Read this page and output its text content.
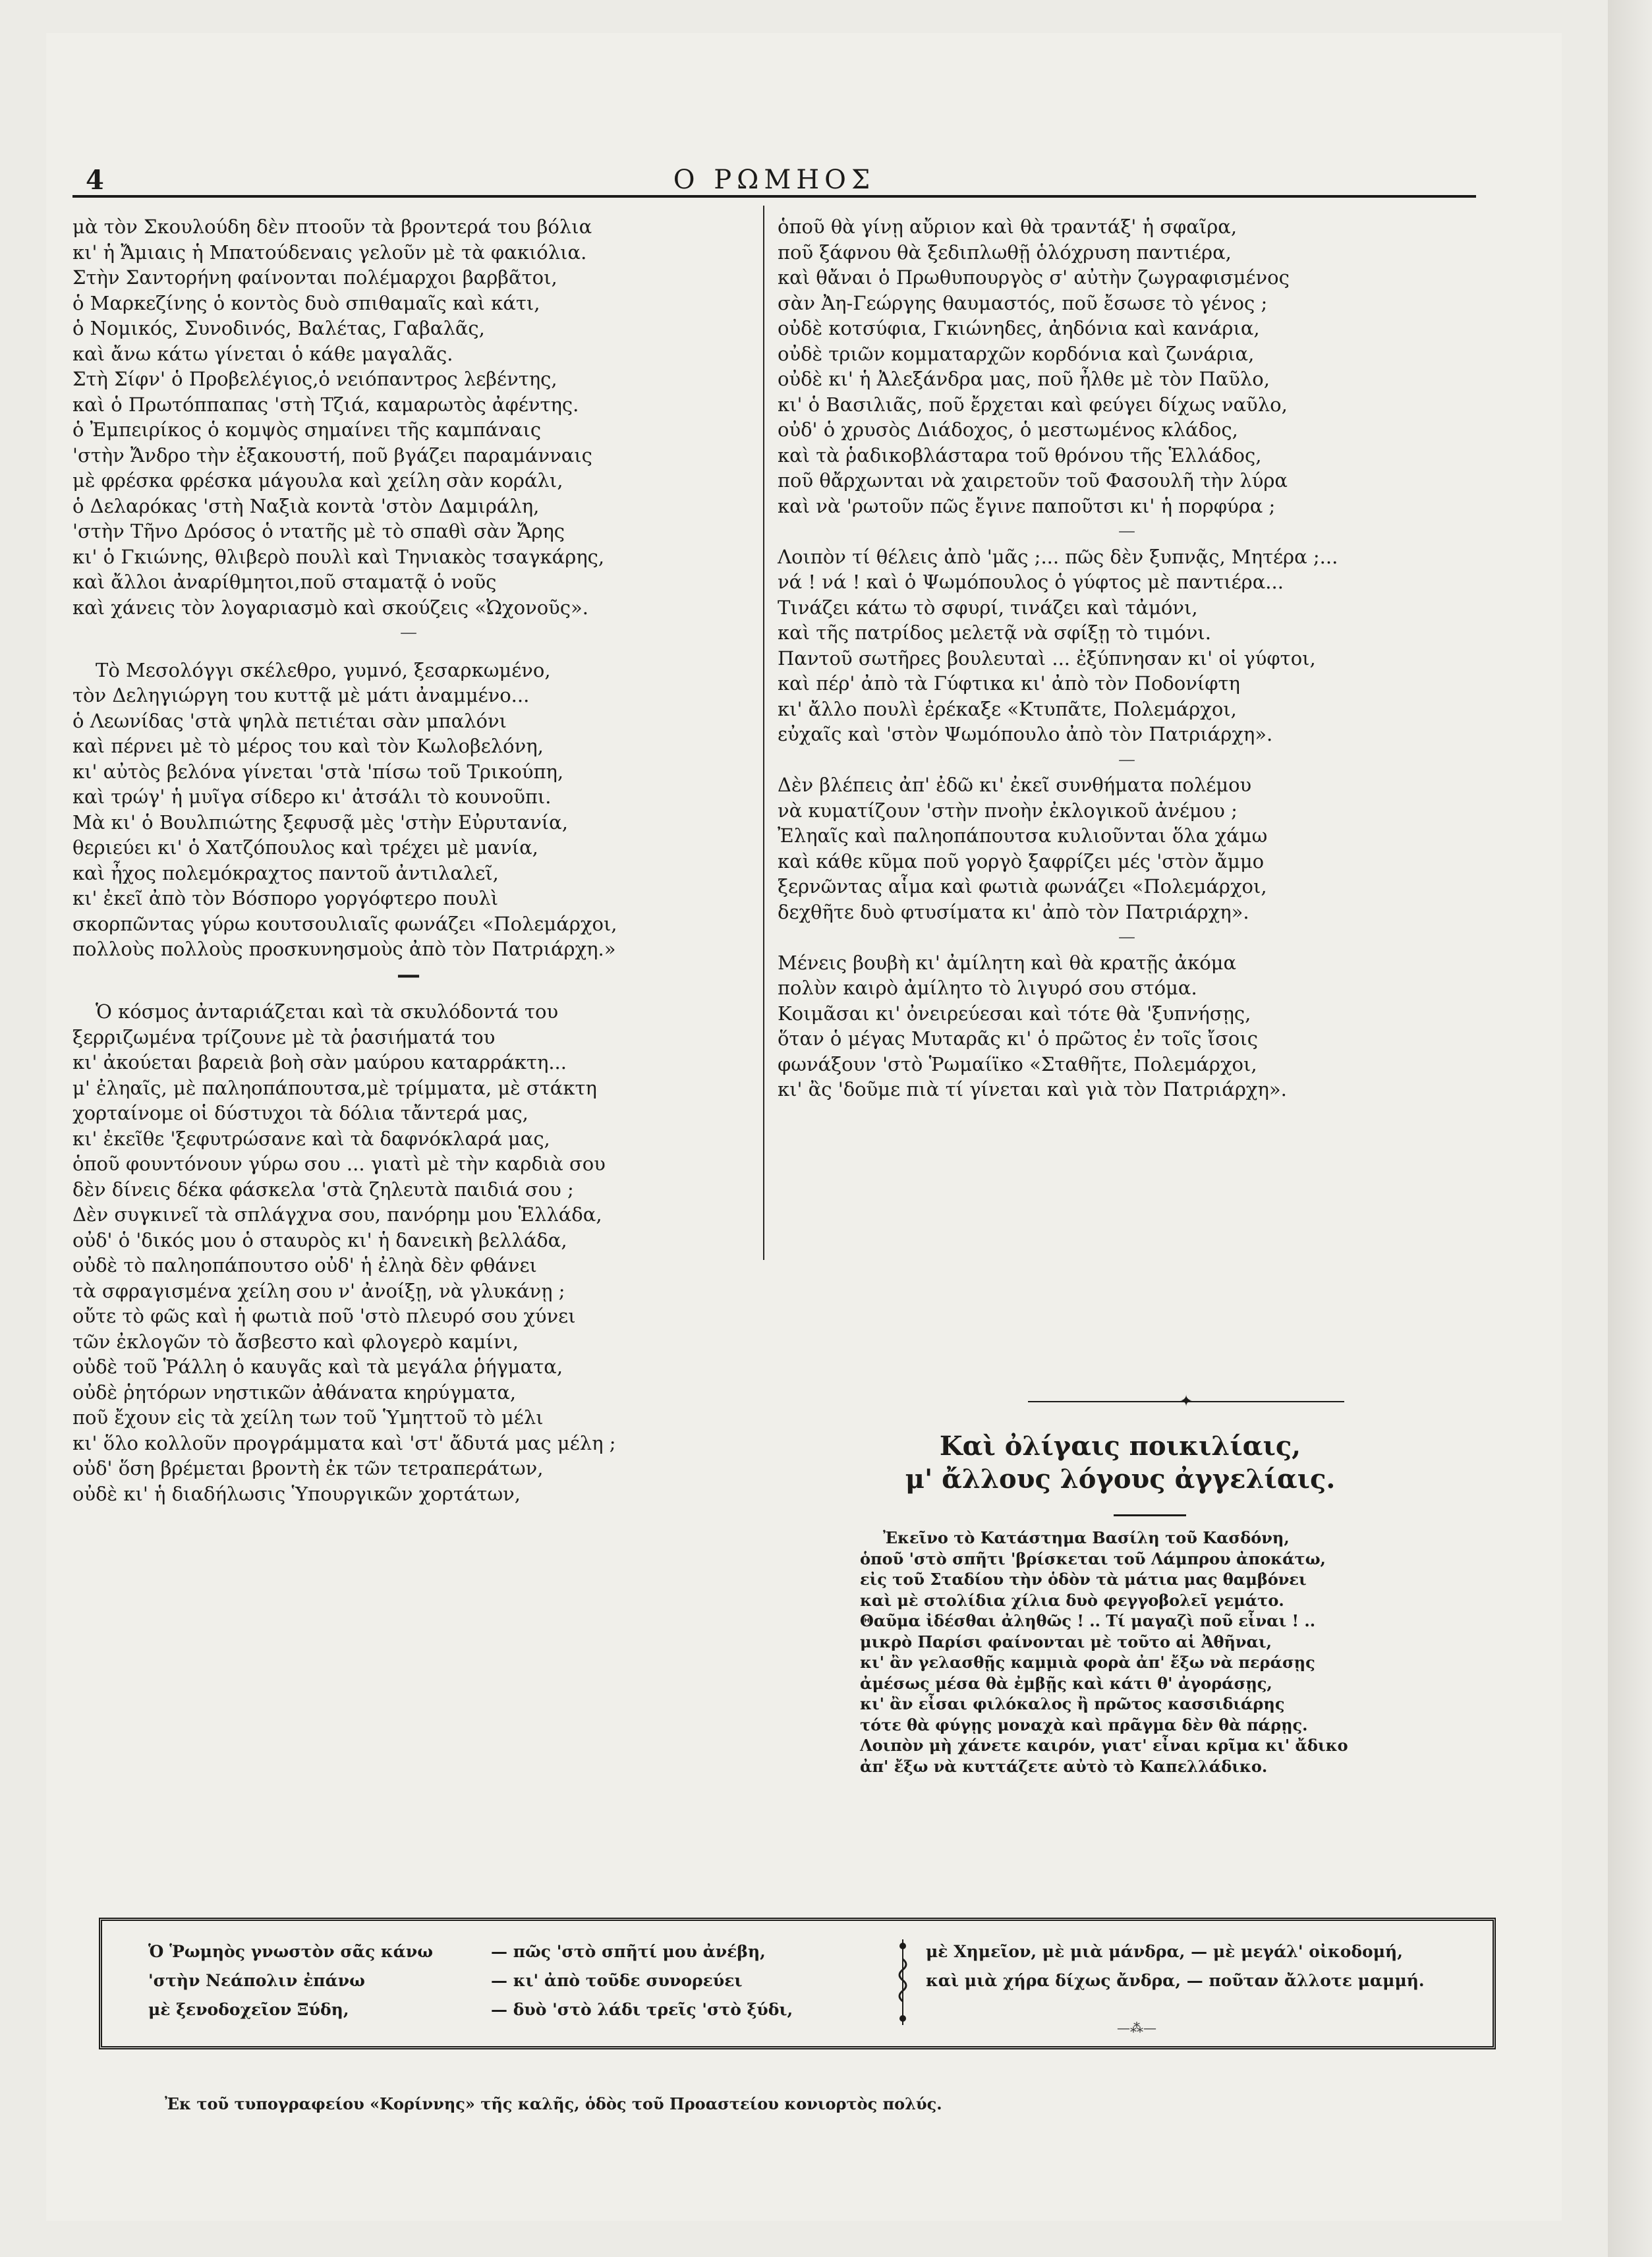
4	Ο ΡΩΜΗΟΣ
μὰ τὸν Σκουλούδη δὲν πτοοῦν τὰ βροντερά του βόλια
κι' ἡ Ἄμιαις ἡ Μπατούδεναις γελοῦν μὲ τὰ φακιόλια.
Στὴν Σαντορήνη φαίνονται πολέμαρχοι βαρβᾶτοι,
ὁ Μαρκεζίνης ὁ κοντὸς δυὸ σπιθαμαῖς καὶ κάτι,
ὁ Νομικός, Συνοδινός, Βαλέτας, Γαβαλᾶς,
καὶ ἄνω κάτω γίνεται ὁ κάθε μαγαλᾶς.
Στὴ Σίφν' ὁ Προβελέγιος,ὁ νειόπαντρος λεβέντης,
καὶ ὁ Πρωτόππαπας 'στὴ Τζιά, καμαρωτὸς ἀφέντης.
ὁ Ἐμπειρίκος ὁ κομψὸς σημαίνει τῆς καμπάναις
'στὴν Ἄνδρο τὴν ἐξακουστή, ποῦ βγάζει παραμάνναις
μὲ φρέσκα φρέσκα μάγουλα καὶ χείλη σὰν κοράλι,
ὁ Δελαρόκας 'στὴ Ναξιὰ κοντὰ 'στὸν Δαμιράλη,
'στὴν Τῆνο Δρόσος ὁ ντατῆς μὲ τὸ σπαθὶ σὰν Ἄρης
κι' ὁ Γκιώνης, θλιβερὸ πουλὶ καὶ Τηνιακὸς τσαγκάρης,
καὶ ἄλλοι ἀναρίθμητοι,ποῦ σταματᾷ ὁ νοῦς
καὶ χάνεις τὸν λογαριασμὸ καὶ σκούζεις «Ὠχονοῦς».
—
Τὸ Μεσολόγγι σκέλεθρο, γυμνό, ξεσαρκωμένο,
τὸν Δεληγιώργη του κυττᾷ μὲ μάτι ἀναμμένο...
ὁ Λεωνίδας 'στὰ ψηλὰ πετιέται σὰν μπαλόνι
καὶ πέρνει μὲ τὸ μέρος του καὶ τὸν Κωλοβελόνη,
κι' αὐτὸς βελόνα γίνεται 'στὰ 'πίσω τοῦ Τρικούπη,
καὶ τρώγ' ἡ μυῖγα σίδερο κι' ἀτσάλι τὸ κουνοῦπι.
Μὰ κι' ὁ Βουλπιώτης ξεφυσᾷ μὲς 'στὴν Εὐρυτανία,
θεριεύει κι' ὁ Χατζόπουλος καὶ τρέχει μὲ μανία,
καὶ ἦχος πολεμόκραχτος παντοῦ ἀντιλαλεῖ,
κι' ἐκεῖ ἀπὸ τὸν Βόσπορο γοργόφτερο πουλὶ
σκορπῶντας γύρω κουτσουλιαῖς φωνάζει «Πολεμάρχοι,
πολλοὺς πολλοὺς προσκυνησμοὺς ἀπὸ τὸν Πατριάρχη.»
—
Ὁ κόσμος ἀνταριάζεται καὶ τὰ σκυλόδοντά του
ξερριζωμένα τρίζουνε μὲ τὰ ῥασιήματά του
κι' ἀκούεται βαρειὰ βοὴ σὰν μαύρου καταρράκτη...
μ' ἐληαῖς, μὲ παληοπάπουτσα,μὲ τρίμματα, μὲ στάκτη
χορταίνομε οἱ δύστυχοι τὰ δόλια τἄντερά μας,
κι' ἐκεῖθε 'ξεφυτρώσανε καὶ τὰ δαφνόκλαρά μας,
ὁποῦ φουντόνουν γύρω σου ... γιατὶ μὲ τὴν καρδιὰ σου
δὲν δίνεις δέκα φάσκελα 'στὰ ζηλευτὰ παιδιά σου ;
Δὲν συγκινεῖ τὰ σπλάγχνα σου, πανόρημ μου Ἑλλάδα,
οὐδ' ὁ 'δικός μου ὁ σταυρὸς κι' ἡ δανεικὴ βελλάδα,
οὐδὲ τὸ παληοπάπουτσο οὐδ' ἡ ἐληὰ δὲν φθάνει
τὰ σφραγισμένα χείλη σου ν' ἀνοίξῃ, νὰ γλυκάνῃ ;
οὔτε τὸ φῶς καὶ ἡ φωτιὰ ποῦ 'στὸ πλευρό σου χύνει
τῶν ἐκλογῶν τὸ ἄσβεστο καὶ φλογερὸ καμίνι,
οὐδὲ τοῦ Ῥάλλη ὁ καυγᾶς καὶ τὰ μεγάλα ῥήγματα,
οὐδὲ ῥητόρων νηστικῶν ἀθάνατα κηρύγματα,
ποῦ ἔχουν εἰς τὰ χείλη των τοῦ Ὑμηττοῦ τὸ μέλι
κι' ὅλο κολλοῦν προγράμματα καὶ 'στ' ἄδυτά μας μέλη ;
οὐδ' ὅση βρέμεται βροντὴ ἐκ τῶν τετραπεράτων,
οὐδὲ κι' ἡ διαδήλωσις Ὑπουργικῶν χορτάτων,
ὁποῦ θὰ γίνῃ αὔριον καὶ θὰ τραντάξ' ἡ σφαῖρα,
ποῦ ξάφνου θὰ ξεδιπλωθῇ ὁλόχρυση παντιέρα,
καὶ θἄναι ὁ Πρωθυπουργὸς σ' αὐτὴν ζωγραφισμένος
σὰν Ἀη-Γεώργης θαυμαστός, ποῦ ἔσωσε τὸ γένος ;
οὐδὲ κοτσύφια, Γκιώνηδες, ἀηδόνια καὶ κανάρια,
οὐδὲ τριῶν κομματαρχῶν κορδόνια καὶ ζωνάρια,
οὐδὲ κι' ἡ Ἀλεξάνδρα μας, ποῦ ἦλθε μὲ τὸν Παῦλο,
κι' ὁ Βασιλιᾶς, ποῦ ἔρχεται καὶ φεύγει δίχως ναῦλο,
οὐδ' ὁ χρυσὸς Διάδοχος, ὁ μεστωμένος κλάδος,
καὶ τὰ ῥαδικοβλάσταρα τοῦ θρόνου τῆς Ἑλλάδος,
ποῦ θἄρχωνται νὰ χαιρετοῦν τοῦ Φασουλῆ τὴν λύρα
καὶ νὰ 'ρωτοῦν πῶς ἔγινε παποῦτσι κι' ἡ πορφύρα ;
—
Λοιπὸν τί θέλεις ἀπὸ 'μᾶς ;... πῶς δὲν ξυπνᾷς, Μητέρα ;...
νά ! νά ! καὶ ὁ Ψωμόπουλος ὁ γύφτος μὲ παντιέρα...
Τινάζει κάτω τὸ σφυρί, τινάζει καὶ τἀμόνι,
καὶ τῆς πατρίδος μελετᾷ νὰ σφίξῃ τὸ τιμόνι.
Παντοῦ σωτῆρες βουλευταὶ ... ἐξύπνησαν κι' οἱ γύφτοι,
καὶ πέρ' ἀπὸ τὰ Γύφτικα κι' ἀπὸ τὸν Ποδονίφτη
κι' ἄλλο πουλὶ ἐρέκαξε «Κτυπᾶτε, Πολεμάρχοι,
εὐχαῖς καὶ 'στὸν Ψωμόπουλο ἀπὸ τὸν Πατριάρχη».
—
Δὲν βλέπεις ἀπ' ἐδῶ κι' ἐκεῖ συνθήματα πολέμου
νὰ κυματίζουν 'στὴν πνοὴν ἐκλογικοῦ ἀνέμου ;
Ἐληαῖς καὶ παληοπάπουτσα κυλιοῦνται ὅλα χάμω
καὶ κάθε κῦμα ποῦ γοργὸ ξαφρίζει μές 'στὸν ἄμμο
ξερνῶντας αἷμα καὶ φωτιὰ φωνάζει «Πολεμάρχοι,
δεχθῆτε δυὸ φτυσίματα κι' ἀπὸ τὸν Πατριάρχη».
—
Μένεις βουβὴ κι' ἀμίλητη καὶ θὰ κρατῇς ἀκόμα
πολὺν καιρὸ ἀμίλητο τὸ λιγυρό σου στόμα.
Κοιμᾶσαι κι' ὀνειρεύεσαι καὶ τότε θὰ 'ξυπνήσῃς,
ὅταν ὁ μέγας Μυταρᾶς κι' ὁ πρῶτος ἐν τοῖς ἴσοις
φωνάξουν 'στὸ Ῥωμαίϊκο «Σταθῆτε, Πολεμάρχοι,
κι' ἂς 'δοῦμε πιὰ τί γίνεται καὶ γιὰ τὸν Πατριάρχη».
✦
Καὶ ὀλίγαις ποικιλίαις,
μ' ἄλλους λόγους ἀγγελίαις.
Ἐκεῖνο τὸ Κατάστημα Βασίλη τοῦ Κασδόνη,
ὁποῦ 'στὸ σπῆτι 'βρίσκεται τοῦ Λάμπρου ἀποκάτω,
εἰς τοῦ Σταδίου τὴν ὁδὸν τὰ μάτια μας θαμβόνει
καὶ μὲ στολίδια χίλια δυὸ φεγγοβολεῖ γεμάτο.
Θαῦμα ἰδέσθαι ἀληθῶς ! .. Τί μαγαζὶ ποῦ εἶναι ! ..
μικρὸ Παρίσι φαίνονται μὲ τοῦτο αἱ Ἀθῆναι,
κι' ἂν γελασθῇς καμμιὰ φορὰ ἀπ' ἔξω νὰ περάσῃς
ἀμέσως μέσα θὰ ἐμβῇς καὶ κάτι θ' ἀγοράσῃς,
κι' ἂν εἶσαι φιλόκαλος ἢ πρῶτος κασσιδιάρης
τότε θὰ φύγῃς μοναχὰ καὶ πρᾶγμα δὲν θὰ πάρῃς.
Λοιπὸν μὴ χάνετε καιρόν, γιατ' εἶναι κρῖμα κι' ἄδικο
ἀπ' ἔξω νὰ κυττάζετε αὐτὸ τὸ Καπελλάδικο.
Ὁ Ῥωμηὸς γνωστὸν σᾶς κάνω	— πῶς 'στὸ σπῆτί μου ἀνέβη,
'στὴν Νεάπολιν ἐπάνω	— κι' ἀπὸ τοῦδε συνορεύει
μὲ ξενοδοχεῖον Ξύδη,	— δυὸ 'στὸ λάδι τρεῖς 'στὸ ξύδι,
μὲ Χημεῖον, μὲ μιὰ μάνδρα, — μὲ μεγάλ' οἰκοδομή,
καὶ μιὰ χήρα δίχως ἄνδρα, — ποῦταν ἄλλοτε μαμμή.
—⁂—
Ἐκ τοῦ τυπογραφείου «Κορίννης» τῆς καλῆς, ὁδὸς τοῦ Προαστείου κονιορτὸς πολύς.
